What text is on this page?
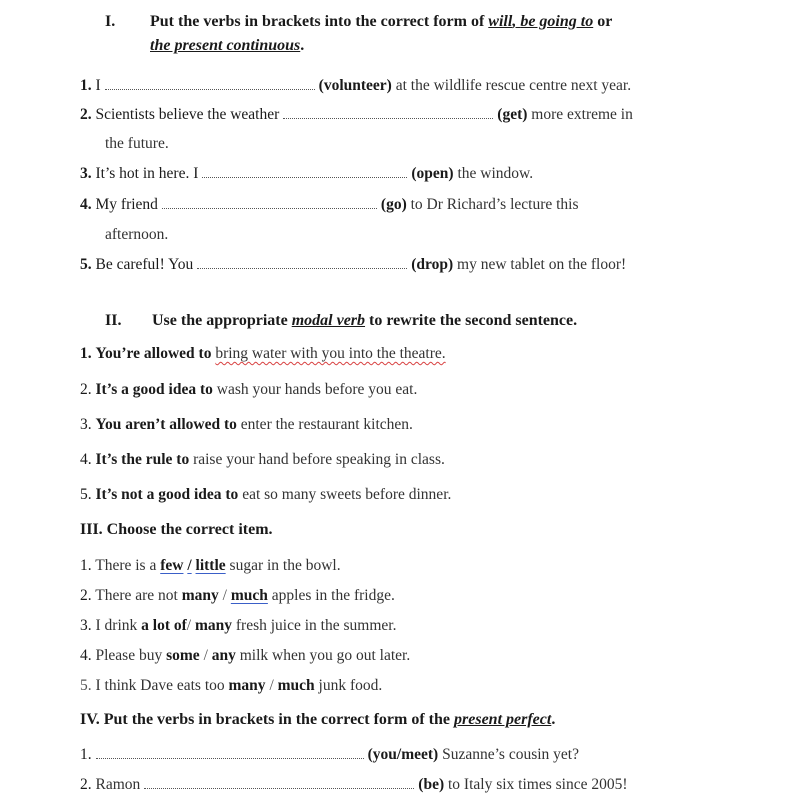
I. Put the verbs in brackets into the correct form of will, be going to or
the present continuous.
1. I	(volunteer) at the wildlife rescue centre next year.
2. Scientists believe the weather	(get) more extreme in
the future.
3. It’s hot in here. I	(open) the window.
4. My friend	(go) to Dr Richard’s lecture this
afternoon.
5. Be careful! You	(drop) my new tablet on the floor!
II. Use the appropriate modal verb to rewrite the second sentence.
1. You’re allowed to bring water with you into the theatre.
2. It’s a good idea to wash your hands before you eat.
3. You aren’t allowed to enter the restaurant kitchen.
4. It’s the rule to raise your hand before speaking in class.
5. It’s not a good idea to eat so many sweets before dinner.
III. Choose the correct item.
1. There is a few / little sugar in the bowl.
2. There are not many / much apples in the fridge.
3. I drink a lot of/ many fresh juice in the summer.
4. Please buy some / any milk when you go out later.
5. I think Dave eats too many / much junk food.
IV. Put the verbs in brackets in the correct form of the present perfect.
1.	(you/meet) Suzanne’s cousin yet?
2. Ramon	(be) to Italy six times since 2005!
